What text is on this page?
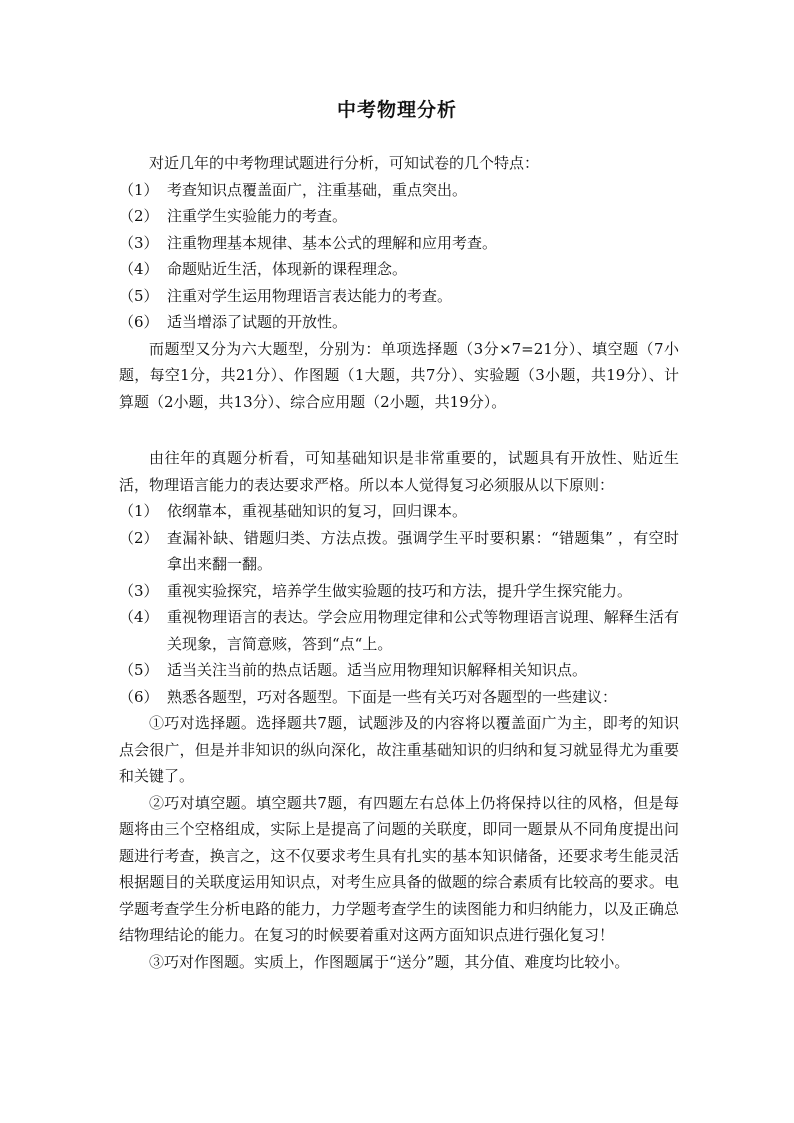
中考物理分析

对近几年的中考物理试题进行分析，可知试卷的几个特点：

（1） 考查知识点覆盖面广，注重基础，重点突出。
（2） 注重学生实验能力的考查。
（3） 注重物理基本规律、基本公式的理解和应用考查。
（4） 命题贴近生活，体现新的课程理念。
（5） 注重对学生运用物理语言表达能力的考查。
（6） 适当增添了试题的开放性。

而题型又分为六大题型，分别为：单项选择题（3分×7=21分）、填空题（7小题，每空1分，共21分）、作图题（1大题，共7分）、实验题（3小题，共19分）、计算题（2小题，共13分）、综合应用题（2小题，共19分）。

由往年的真题分析看，可知基础知识是非常重要的，试题具有开放性、贴近生活，物理语言能力的表达要求严格。所以本人觉得复习必须服从以下原则：

（1） 依纲靠本，重视基础知识的复习，回归课本。
（2） 查漏补缺、错题归类、方法点拨。强调学生平时要积累：“错题集” ，有空时拿出来翻一翻。
（3） 重视实验探究，培养学生做实验题的技巧和方法，提升学生探究能力。
（4） 重视物理语言的表达。学会应用物理定律和公式等物理语言说理、解释生活有关现象，言简意赅，答到“点“上。
（5） 适当关注当前的热点话题。适当应用物理知识解释相关知识点。
（6） 熟悉各题型，巧对各题型。下面是一些有关巧对各题型的一些建议：

①巧对选择题。选择题共7题，试题涉及的内容将以覆盖面广为主，即考的知识点会很广，但是并非知识的纵向深化，故注重基础知识的归纳和复习就显得尤为重要和关键了。

②巧对填空题。填空题共7题，有四题左右总体上仍将保持以往的风格，但是每题将由三个空格组成，实际上是提高了问题的关联度，即同一题景从不同角度提出问题进行考查，换言之，这不仅要求考生具有扎实的基本知识储备，还要求考生能灵活根据题目的关联度运用知识点，对考生应具备的做题的综合素质有比较高的要求。电学题考查学生分析电路的能力，力学题考查学生的读图能力和归纳能力，以及正确总结物理结论的能力。在复习的时候要着重对这两方面知识点进行强化复习！

③巧对作图题。实质上，作图题属于“送分”题，其分值、难度均比较小。
